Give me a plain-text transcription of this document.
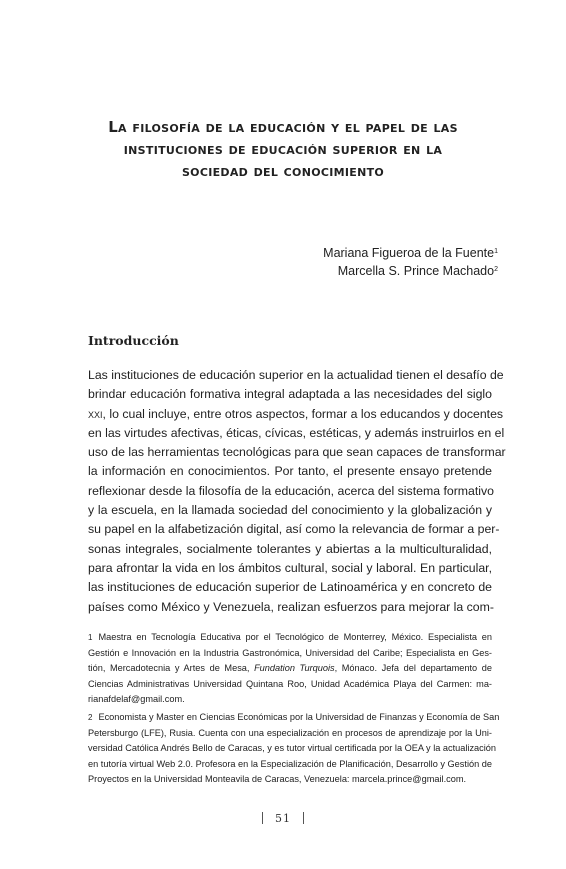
La filosofía de la educación y el papel de las
instituciones de educación superior en la
sociedad del conocimiento
Mariana Figueroa de la Fuente$^1$
Marcella S. Prince Machado$^2$
Introducción
Las instituciones de educación superior en la actualidad tienen el desafío de
brindar educación formativa integral adaptada a las necesidades del siglo
xxi, lo cual incluye, entre otros aspectos, formar a los educandos y docentes
en las virtudes afectivas, éticas, cívicas, estéticas, y además instruirlos en el
uso de las herramientas tecnológicas para que sean capaces de transformar
la información en conocimientos. Por tanto, el presente ensayo pretende
reflexionar desde la filosofía de la educación, acerca del sistema formativo
y la escuela, en la llamada sociedad del conocimiento y la globalización y
su papel en la alfabetización digital, así como la relevancia de formar a per-
sonas integrales, socialmente tolerantes y abiertas a la multiculturalidad,
para afrontar la vida en los ámbitos cultural, social y laboral. En particular,
las instituciones de educación superior de Latinoamérica y en concreto de
países como México y Venezuela, realizan esfuerzos para mejorar la com-
1 Maestra en Tecnología Educativa por el Tecnológico de Monterrey, México. Especialista en
Gestión e Innovación en la Industria Gastronómica, Universidad del Caribe; Especialista en Ges-
tión, Mercadotecnia y Artes de Mesa, Fundation Turquois, Mónaco. Jefa del departamento de
Ciencias Administrativas Universidad Quintana Roo, Unidad Académica Playa del Carmen: ma-
rianafdelaf@gmail.com.
2 Economista y Master en Ciencias Económicas por la Universidad de Finanzas y Economía de San
Petersburgo (LFE), Rusia. Cuenta con una especialización en procesos de aprendizaje por la Uni-
versidad Católica Andrés Bello de Caracas, y es tutor virtual certificada por la OEA y la actualización
en tutoría virtual Web 2.0. Profesora en la Especialización de Planificación, Desarrollo y Gestión de
Proyectos en la Universidad Monteavila de Caracas, Venezuela: marcela.prince@gmail.com.
51
